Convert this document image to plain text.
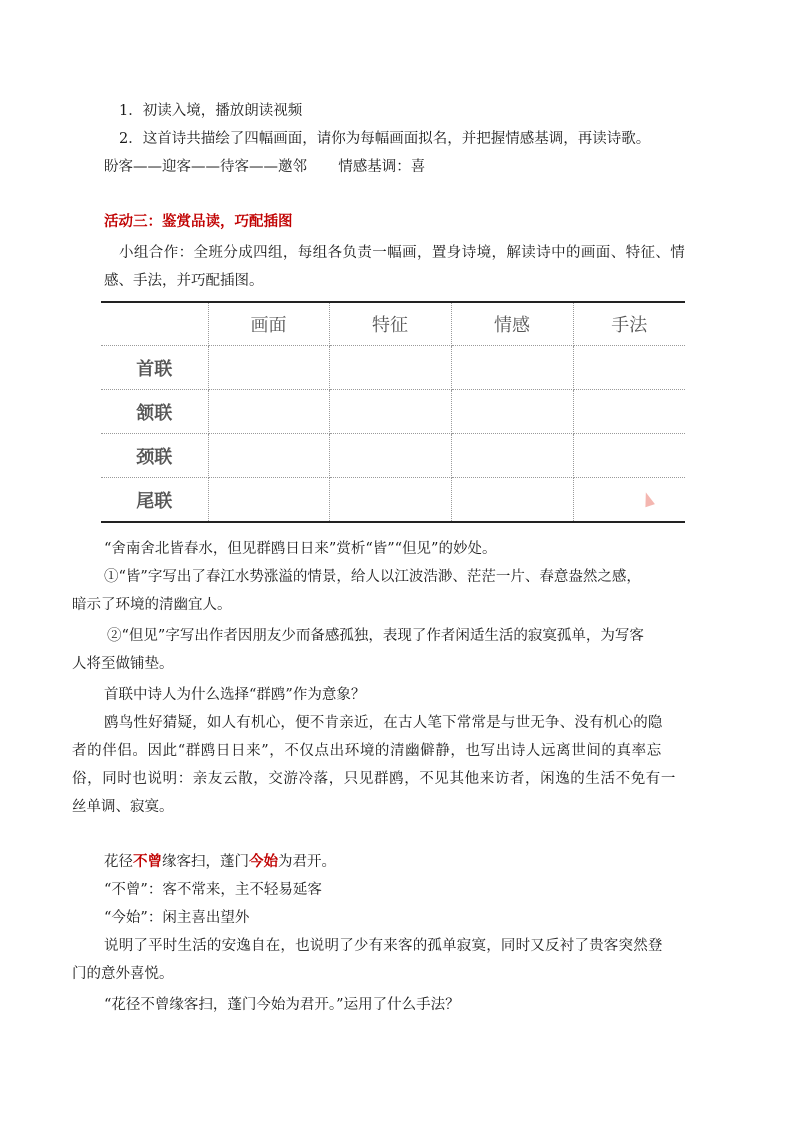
1．初读入境，播放朗读视频
2．这首诗共描绘了四幅画面，请你为每幅画面拟名，并把握情感基调，再读诗歌。
盼客——迎客——待客——邀邻 情感基调：喜
活动三：鉴赏品读，巧配插图
小组合作：全班分成四组，每组各负责一幅画，置身诗境，解读诗中的画面、特征、情
感、手法，并巧配插图。
	画面	特征	情感	手法
首联				
颔联				
颈联				
尾联				
“舍南舍北皆春水，但见群鸥日日来”赏析“皆”“但见”的妙处。
①“皆”字写出了春江水势涨溢的情景，给人以江波浩渺、茫茫一片、春意盎然之感，
暗示了环境的清幽宜人。
②“但见”字写出作者因朋友少而备感孤独，表现了作者闲适生活的寂寞孤单，为写客
人将至做铺垫。
首联中诗人为什么选择“群鸥”作为意象？
鸥鸟性好猜疑，如人有机心，便不肯亲近，在古人笔下常常是与世无争、没有机心的隐
者的伴侣。因此“群鸥日日来”，不仅点出环境的清幽僻静，也写出诗人远离世间的真率忘
俗，同时也说明：亲友云散，交游冷落，只见群鸥，不见其他来访者，闲逸的生活不免有一
丝单调、寂寞。
花径不曾缘客扫，蓬门今始为君开。
“不曾”：客不常来，主不轻易延客
“今始”：闲主喜出望外
说明了平时生活的安逸自在，也说明了少有来客的孤单寂寞，同时又反衬了贵客突然登
门的意外喜悦。
“花径不曾缘客扫，蓬门今始为君开。”运用了什么手法？
